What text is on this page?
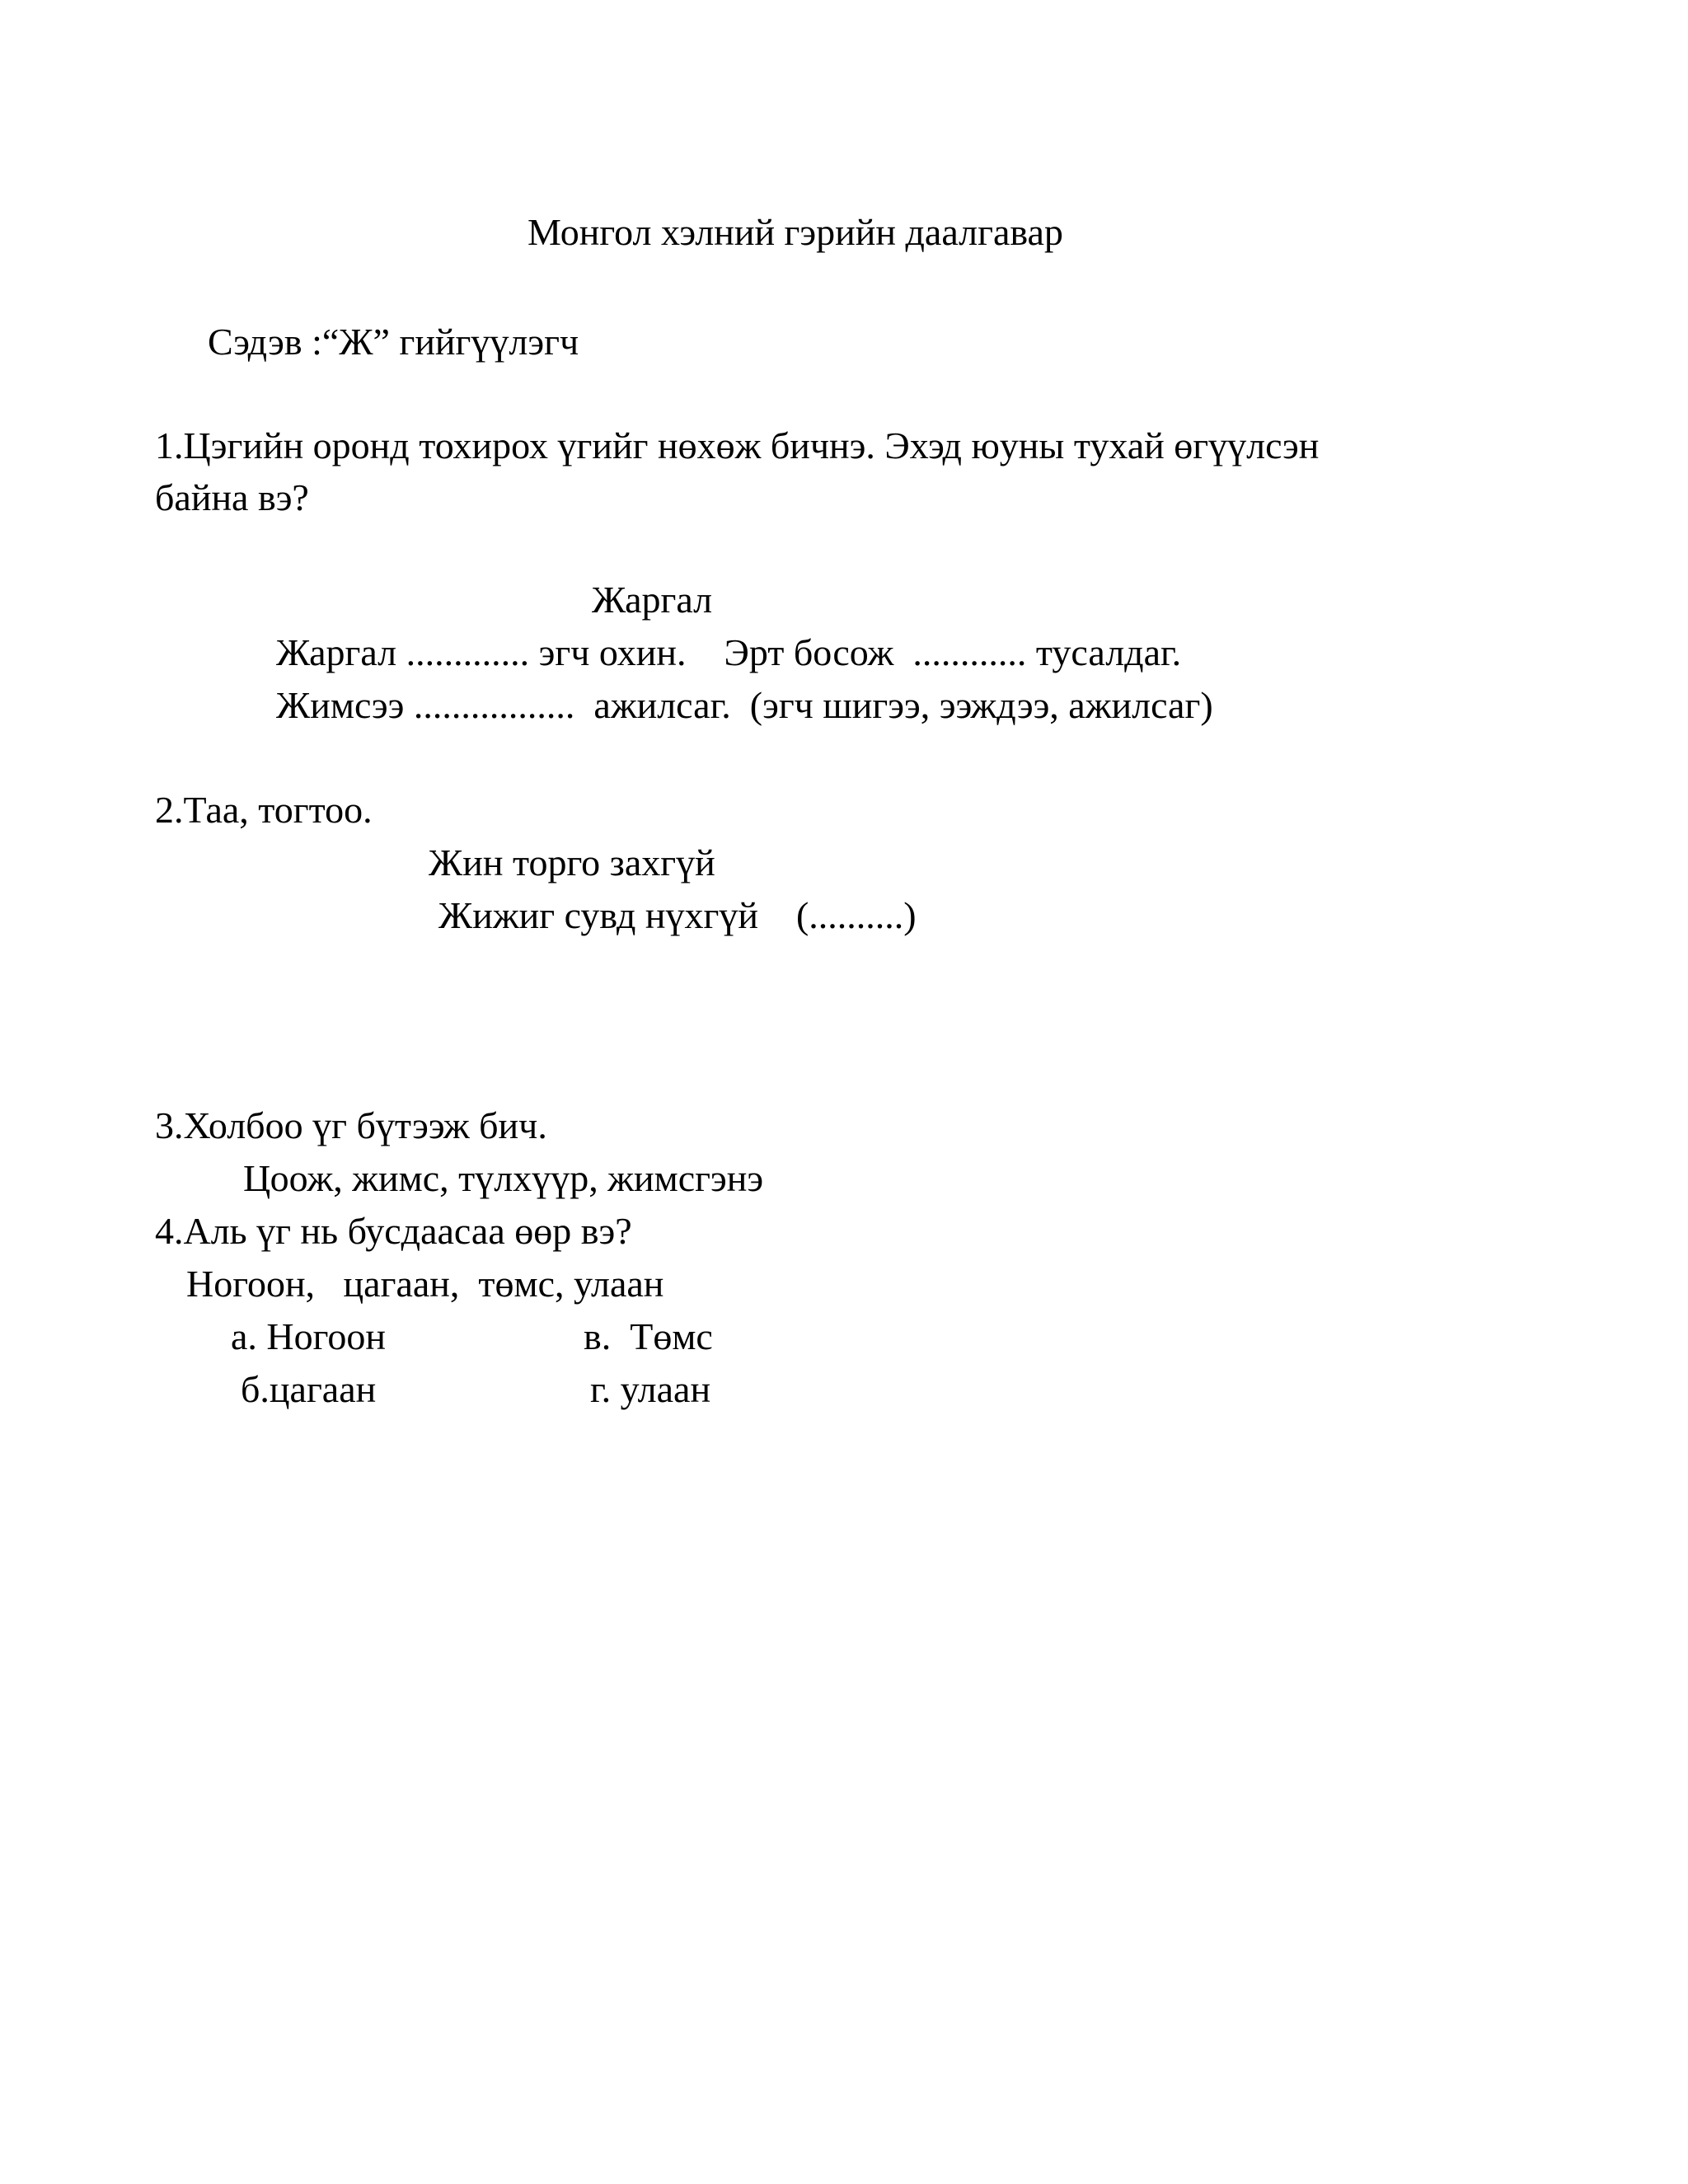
Монгол хэлний гэрийн даалгавар
Сэдэв :“Ж” гийгүүлэгч
1.Цэгийн оронд тохирох үгийг нөхөж бичнэ. Эхэд юуны тухай өгүүлсэн
байна вэ?
Жаргал
Жаргал ............. эгч охин.    Эрт босож  ............ тусалдаг.
Жимсээ .................  ажилсаг.  (эгч шигээ, ээждээ, ажилсаг)
2.Таа, тогтоо.
Жин торго захгүй
Жижиг сувд нүхгүй    (..........)
3.Холбоо үг бүтээж бич.
Цоож, жимс, түлхүүр, жимсгэнэ
4.Аль үг нь бусдаасаа өөр вэ?
Ногоон,   цагаан,  төмс, улаан
а. Ногоон	в.  Төмс
б.цагаан	г. улаан
